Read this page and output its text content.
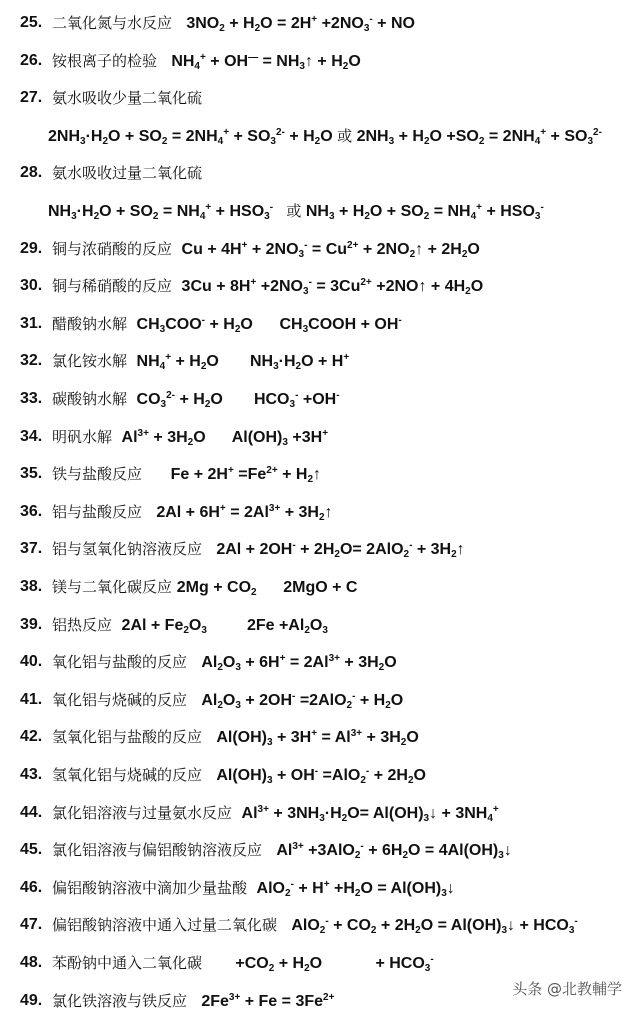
25. 二氧化氮与水反应   $3NO_2 + H_2O = 2H^+ +2NO_3^-$ + NO
26. 铵根离子的检验   $NH_4^+ + OH^—$ = $NH_3↑ + H_2O$
27. 氨水吸收少量二氧化硫
$2NH_3\cdot H_2O + SO_2 = 2NH_4^+ + SO_3^{2-} + H_2O$ 或 $2NH_3 + H_2O +SO_2 = 2NH_4^+ + SO_3^{2-}$
28. 氨水吸收过量二氧化硫
$NH_3\cdot H_2O + SO_2 = NH_4^+ + HSO_3^-$ 或 $NH_3 + H_2O + SO_2 = NH_4^+ + HSO_3^-$
29. 铜与浓硝酸的反应  $Cu + 4H^+ + 2NO_3^- = Cu^{2+}$ + $2NO_2↑ + 2H_2O$
30. 铜与稀硝酸的反应  $3Cu + 8H^+ +2NO_3^- = 3Cu^{2+}$ +2NO↑ + $4H_2O$
31. 醋酸钠水解  $CH_3COO^- + H_2O$      $CH_3COOH + OH^-$
32. 氯化铵水解  $NH_4^+ + H_2O$       $NH_3\cdot H_2O + H^+$
33. 碳酸钠水解  $CO_3^{2-} + H_2O$       $HCO_3^- +OH^-$
34. 明矾水解  $Al^{3+} + 3H_2O$      $Al(OH)_3 +3H^+$
35. 铁与盐酸反应      $Fe + 2H^+ =Fe^{2+}$ + $H_2↑$
36. 铝与盐酸反应   $2Al + 6H^+ = 2Al^{3+}$ + $3H_2↑$
37. 铝与氢氧化钠溶液反应   $2Al + 2OH^- + 2H_2O= 2AlO_2^-$ + $3H_2↑$
38. 镁与二氧化碳反应 $2Mg + CO_2$      2MgO + C
39. 铝热反应  $2Al + Fe_2O_3$         $2Fe +Al_2O_3$
40. 氧化铝与盐酸的反应   $Al_2O_3 + 6H^+ = 2Al^{3+} + 3H_2O$
41. 氧化铝与烧碱的反应   $Al_2O_3 + 2OH^- =2AlO_2^- + H_2O$
42. 氢氧化铝与盐酸的反应   $Al(OH)_3 + 3H^+ = Al^{3+} + 3H_2O$
43. 氢氧化铝与烧碱的反应   $Al(OH)_3 + OH^- =AlO_2^- + 2H_2O$
44. 氯化铝溶液与过量氨水反应  $Al^{3+} + 3NH_3\cdot H_2O=$ $Al(OH)_3↓ + 3NH_4^+$
45. 氯化铝溶液与偏铝酸钠溶液反应   $Al^{3+} +3AlO_2^- + 6H_2O$ = $4Al(OH)_3↓$
46. 偏铝酸钠溶液中滴加少量盐酸  $AlO_2^- + H^+ +H_2O$ = $Al(OH)_3↓$
47. 偏铝酸钠溶液中通入过量二氧化碳   $AlO_2^- + CO_2 + 2H_2O$ = $Al(OH)_3↓ + HCO_3^-$
48. 苯酚钠中通入二氧化碳       $+CO_2 + H_2O$            + $HCO_3^-$
49. 氯化铁溶液与铁反应   $2Fe^{3+} + Fe = 3Fe^{2+}$	头条 @北教輔学
